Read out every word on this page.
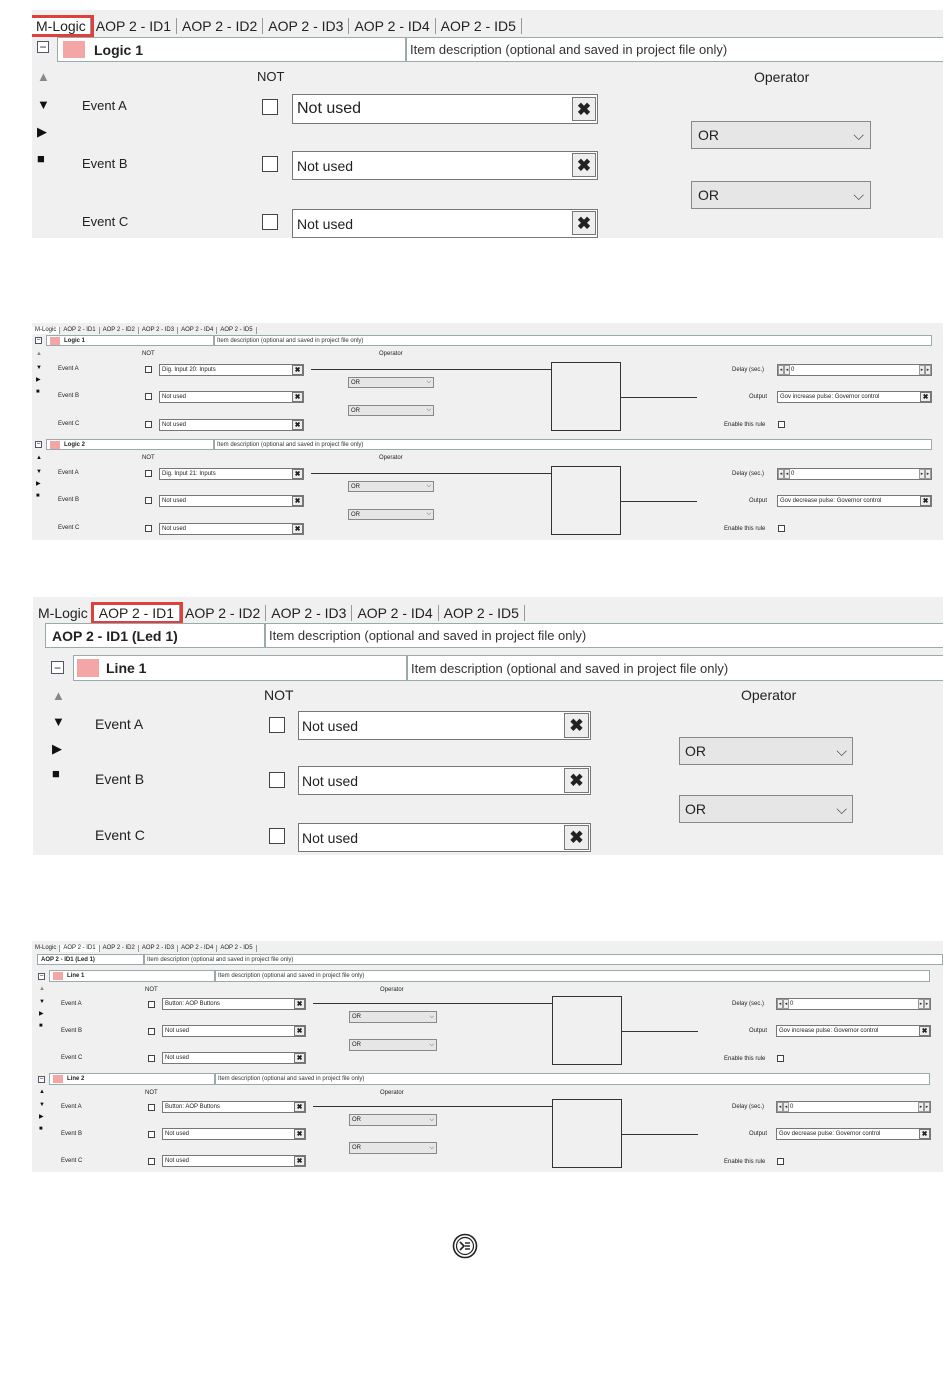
M-Logic AOP 2 - ID1 AOP 2 - ID2 AOP 2 - ID3 AOP 2 - ID4 AOP 2 - ID5
−	Logic 1	Item description (optional and saved in project file only)
▲
▼
▶
■
NOT	Operator
Event A	Not used	✖
OR	⌵
Event B	Not used	✖
OR	⌵
Event C	Not used	✖
M-Logic	AOP 2 - ID1	AOP 2 - ID2	AOP 2 - ID3	AOP 2 - ID4	AOP 2 - ID5
−	Logic 1	Item description (optional and saved in project file only)
▲
▼
▶
■
NOT	Operator
Event A	Dig. Input 20: Inputs	✖
Event B	Not used	✖
Event C	Not used	✖
OR	⌵
OR	⌵
Delay (sec.)	◂ ◂ 0	▸ ▸
Output Gov increase pulse: Governor control	✖
Enable this rule
−	Logic 2	Item description (optional and saved in project file only)
▲
▼
▶
■
NOT	Operator
Event A	Dig. Input 21: Inputs	✖
Event B	Not used	✖
Event C	Not used	✖
OR	⌵
OR	⌵
Delay (sec.)	◂ ◂ 0	▸ ▸
Output Gov decrease pulse: Governor control	✖
Enable this rule
M-Logic AOP 2 - ID1 AOP 2 - ID2 AOP 2 - ID3 AOP 2 - ID4 AOP 2 - ID5
AOP 2 - ID1 (Led 1)	Item description (optional and saved in project file only)
−	Line 1	Item description (optional and saved in project file only)
▲
▼
▶
■
NOT	Operator
Event A	Not used	✖
OR	⌵
Event B	Not used	✖
OR	⌵
Event C	Not used	✖
M-Logic	AOP 2 - ID1	AOP 2 - ID2	AOP 2 - ID3	AOP 2 - ID4	AOP 2 - ID5
AOP 2 - ID1 (Led 1)	Item description (optional and saved in project file only)
−	Line 1	Item description (optional and saved in project file only)
▲
▼
▶
■
NOT	Operator
Event A	Button: AOP Buttons	✖
Event B	Not used	✖
Event C	Not used	✖
OR	⌵
OR	⌵
Delay (sec.)	◂ ◂ 0	▸ ▸
Output Gov increase pulse: Governor control	✖
Enable this rule
−	Line 2	Item description (optional and saved in project file only)
▲
▼
▶
■
NOT	Operator
Event A	Button: AOP Buttons	✖
Event B	Not used	✖
Event C	Not used	✖
OR	⌵
OR	⌵
Delay (sec.)	◂ ◂ 0	▸ ▸
Output Gov decrease pulse: Governor control	✖
Enable this rule
